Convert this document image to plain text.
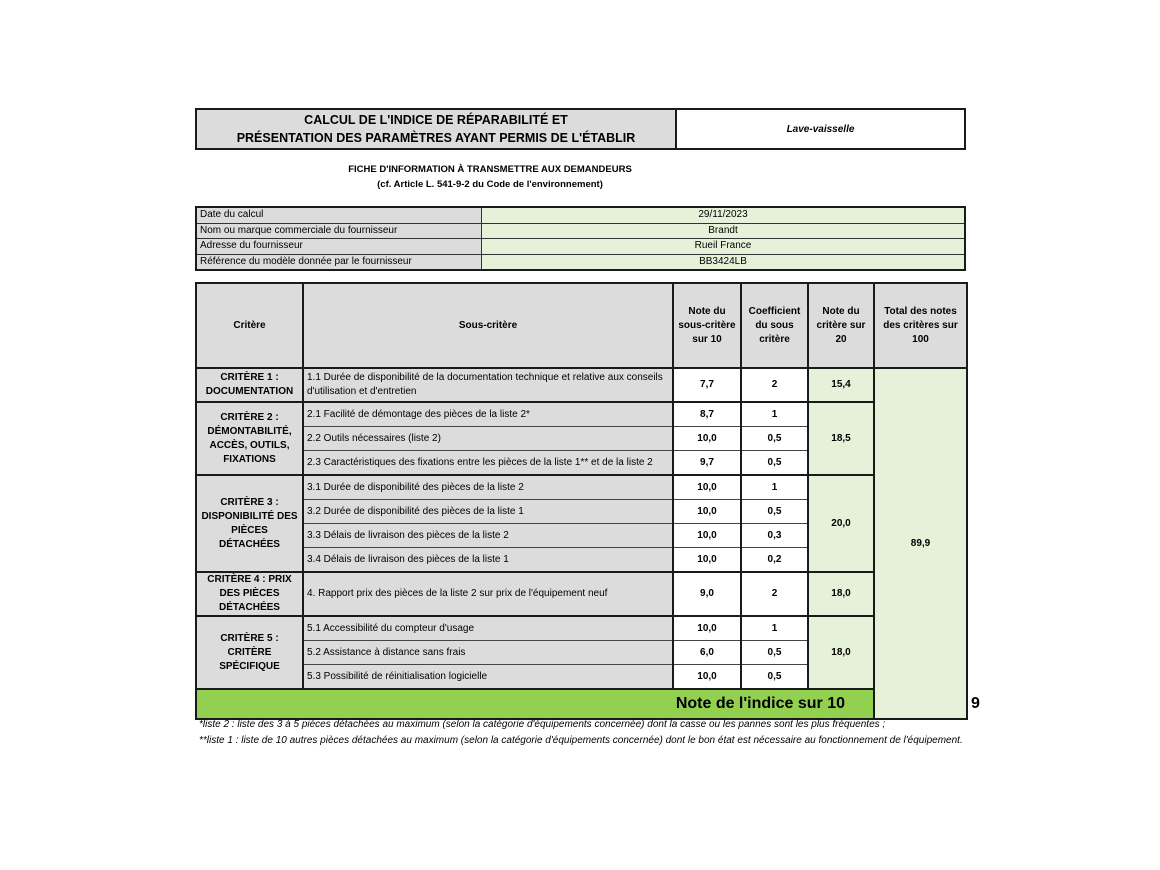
CALCUL DE L'INDICE DE RÉPARABILITÉ ET
PRÉSENTATION DES PARAMÈTRES AYANT PERMIS DE L'ÉTABLIR
Lave-vaisselle
FICHE D'INFORMATION À TRANSMETTRE AUX DEMANDEURS
(cf. Article L. 541-9-2 du Code de l'environnement)
Date du calcul	29/11/2023
Nom ou marque commerciale du fournisseur	Brandt
Adresse du fournisseur	Rueil France
Référence du modèle donnée par le fournisseur	BB3424LB
Critère	Sous-critère	Note du sous-critère sur 10	Coefficient du sous critère	Note du critère sur 20	Total des notes des critères sur 100	
CRITÈRE 1 : DOCUMENTATION	1.1 Durée de disponibilité de la documentation technique et relative aux conseils d'utilisation et d'entretien	7,7	2	15,4	89,9	
CRITÈRE 2 : DÉMONTABILITÉ, ACCÈS, OUTILS, FIXATIONS	2.1 Facilité de démontage des pièces de la liste 2*	8,7	1	18,5		
	2.2 Outils nécessaires (liste 2)	10,0	0,5			
	2.3 Caractéristiques des fixations entre les pièces de la liste 1** et de la liste 2	9,7	0,5			
CRITÈRE 3 : DISPONIBILITÉ DES PIÈCES DÉTACHÉES	3.1 Durée de disponibilité des pièces de la liste 2	10,0	1	20,0		
	3.2 Durée de disponibilité des pièces de la liste 1	10,0	0,5			
	3.3 Délais de livraison des pièces de la liste 2	10,0	0,3			
	3.4 Délais de livraison des pièces de la liste 1	10,0	0,2			
CRITÈRE 4 : PRIX DES PIÈCES DÉTACHÉES	4. Rapport prix des pièces de la liste 2 sur prix de l'équipement neuf	9,0	2	18,0		
CRITÈRE 5 : CRITÈRE SPÉCIFIQUE	5.1 Accessibilité du compteur d'usage	10,0	1	18,0		
	5.2 Assistance à distance sans frais	6,0	0,5			
	5.3 Possibilité de réinitialisation logicielle	10,0	0,5			
Note de l'indice sur 10						9
*liste 2 : liste des 3 à 5 pièces détachées au maximum (selon la catégorie d'équipements concernée) dont la casse ou les pannes sont les plus fréquentes ;
**liste 1 : liste de 10 autres pièces détachées au maximum (selon la catégorie d'équipements concernée) dont le bon état est nécessaire au fonctionnement de l'équipement.
